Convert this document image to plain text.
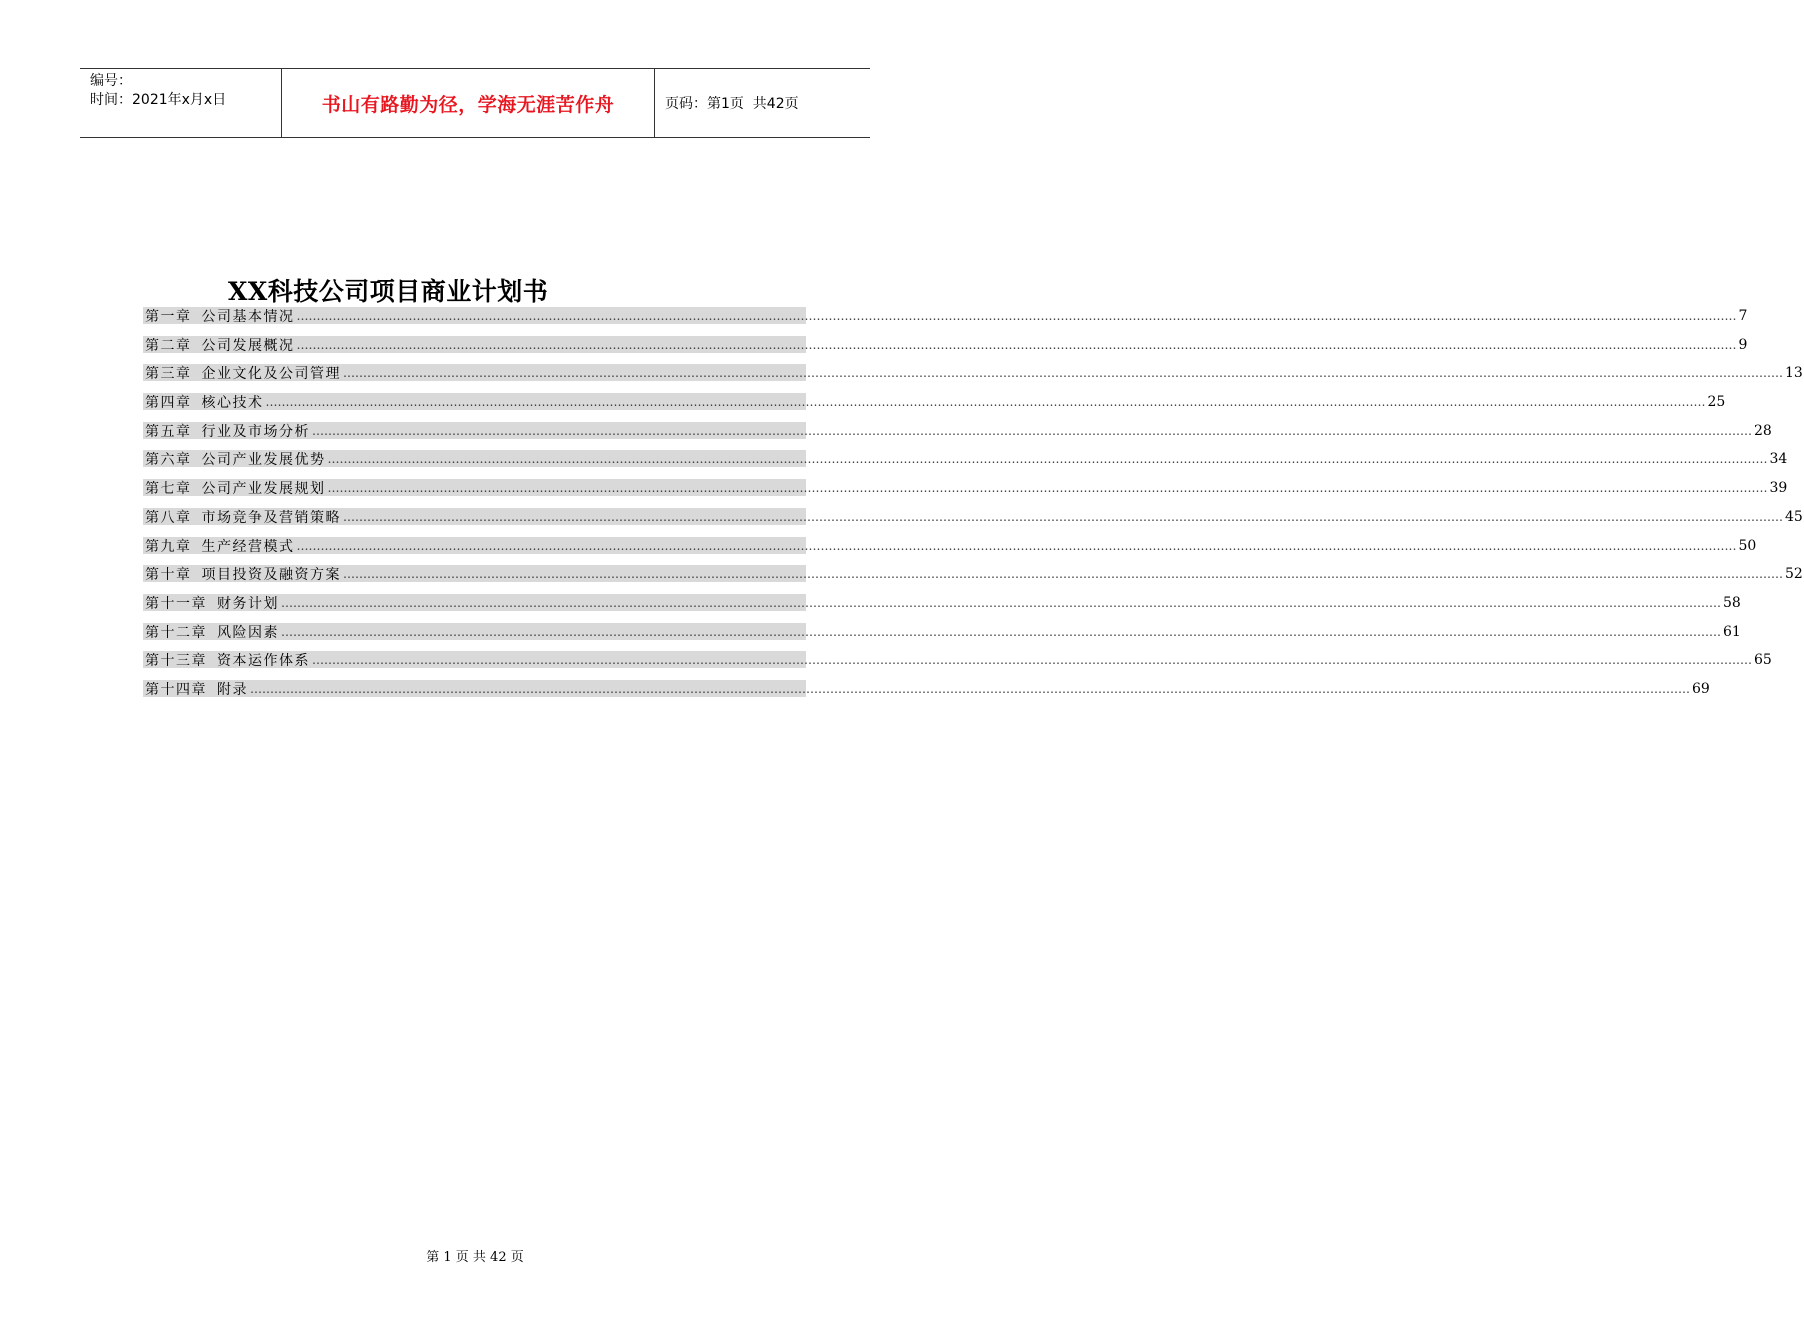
编号：
时间：2021年x月x日	书山有路勤为径，学海无涯苦作舟	页码：第1页  共42页
XX科技公司项目商业计划书
第一章 公司基本情况 ……………………………………………………………………………………………………………………………………………………………………………………………………………………………………………………………………………………………………………………………… 7
第二章 公司发展概况 ……………………………………………………………………………………………………………………………………………………………………………………………………………………………………………………………………………………………………………………………… 9
第三章 企业文化及公司管理 ……………………………………………………………………………………………………………………………………………………………………………………………………………………………………………………………………………………………………………………………… 13
第四章 核心技术 ……………………………………………………………………………………………………………………………………………………………………………………………………………………………………………………………………………………………………………………………… 25
第五章 行业及市场分析 ……………………………………………………………………………………………………………………………………………………………………………………………………………………………………………………………………………………………………………………………… 28
第六章 公司产业发展优势 ……………………………………………………………………………………………………………………………………………………………………………………………………………………………………………………………………………………………………………………………… 34
第七章 公司产业发展规划 ……………………………………………………………………………………………………………………………………………………………………………………………………………………………………………………………………………………………………………………………… 39
第八章 市场竞争及营销策略 ……………………………………………………………………………………………………………………………………………………………………………………………………………………………………………………………………………………………………………………………… 45
第九章 生产经营模式 ……………………………………………………………………………………………………………………………………………………………………………………………………………………………………………………………………………………………………………………………… 50
第十章 项目投资及融资方案 ……………………………………………………………………………………………………………………………………………………………………………………………………………………………………………………………………………………………………………………………… 52
第十一章 财务计划 ……………………………………………………………………………………………………………………………………………………………………………………………………………………………………………………………………………………………………………………………… 58
第十二章 风险因素 ……………………………………………………………………………………………………………………………………………………………………………………………………………………………………………………………………………………………………………………………… 61
第十三章 资本运作体系 ……………………………………………………………………………………………………………………………………………………………………………………………………………………………………………………………………………………………………………………………… 65
第十四章 附录 ……………………………………………………………………………………………………………………………………………………………………………………………………………………………………………………………………………………………………………………………… 69
第 1 页 共 42 页
